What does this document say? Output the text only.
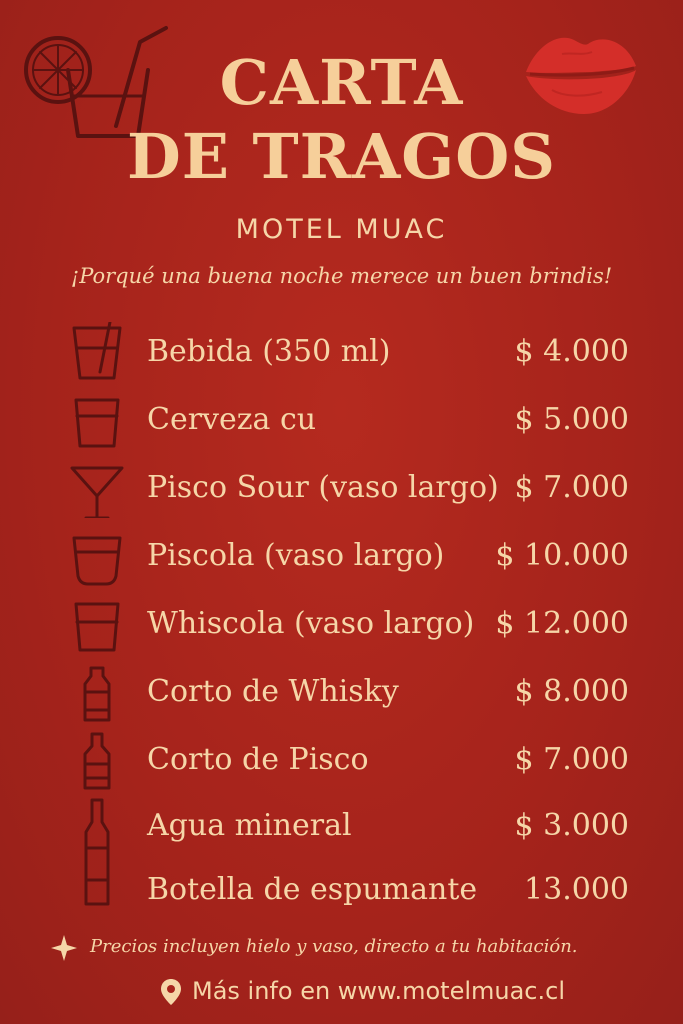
CARTA
DE TRAGOS
MOTEL MUAC
¡Porqué una buena noche merece un buen brindis!
Bebida (350 ml)	$ 4.000
Cerveza cu	$ 5.000
Pisco Sour (vaso largo) $ 7.000
Piscola (vaso largo) $ 10.000
Whiscola (vaso largo) $ 12.000
Corto de Whisky	$ 8.000
Corto de Pisco	$ 7.000
Agua mineral	$ 3.000
Botella de espumante 13.000
Precios incluyen hielo y vaso, directo a tu habitación.
Más info en www.motelmuac.cl
